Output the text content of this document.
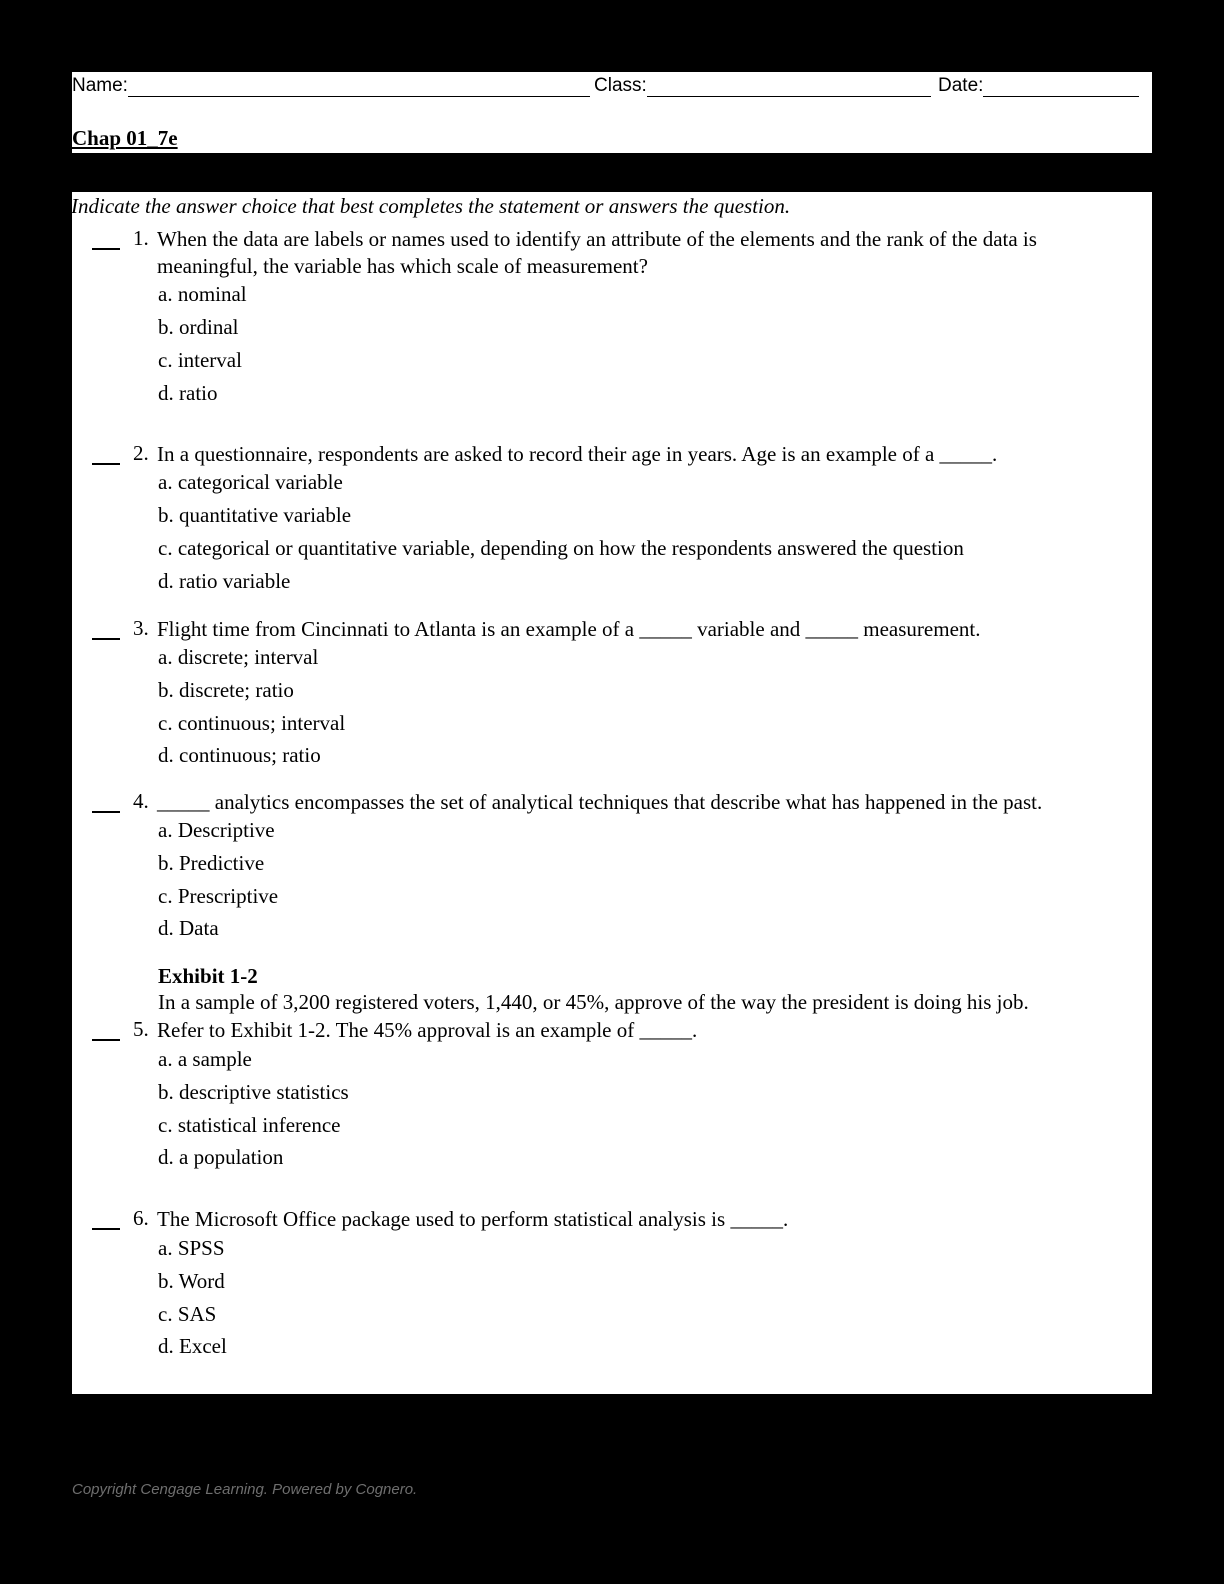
Name:	Class:	Date:
Chap 01_7e
Indicate the answer choice that best completes the statement or answers the question.
1. When the data are labels or names used to identify an attribute of the elements and the rank of the data is meaningful, the variable has which scale of measurement?
a. nominal
b. ordinal
c. interval
d. ratio
2. In a questionnaire, respondents are asked to record their age in years. Age is an example of a _____.
a. categorical variable
b. quantitative variable
c. categorical or quantitative variable, depending on how the respondents answered the question
d. ratio variable
3. Flight time from Cincinnati to Atlanta is an example of a _____ variable and _____ measurement.
a. discrete; interval
b. discrete; ratio
c. continuous; interval
d. continuous; ratio
4. _____ analytics encompasses the set of analytical techniques that describe what has happened in the past.
a. Descriptive
b. Predictive
c. Prescriptive
d. Data
Exhibit 1-2
In a sample of 3,200 registered voters, 1,440, or 45%, approve of the way the president is doing his job.
5. Refer to Exhibit 1-2. The 45% approval is an example of _____.
a. a sample
b. descriptive statistics
c. statistical inference
d. a population
6. The Microsoft Office package used to perform statistical analysis is _____.
a. SPSS
b. Word
c. SAS
d. Excel
Copyright Cengage Learning. Powered by Cognero.
